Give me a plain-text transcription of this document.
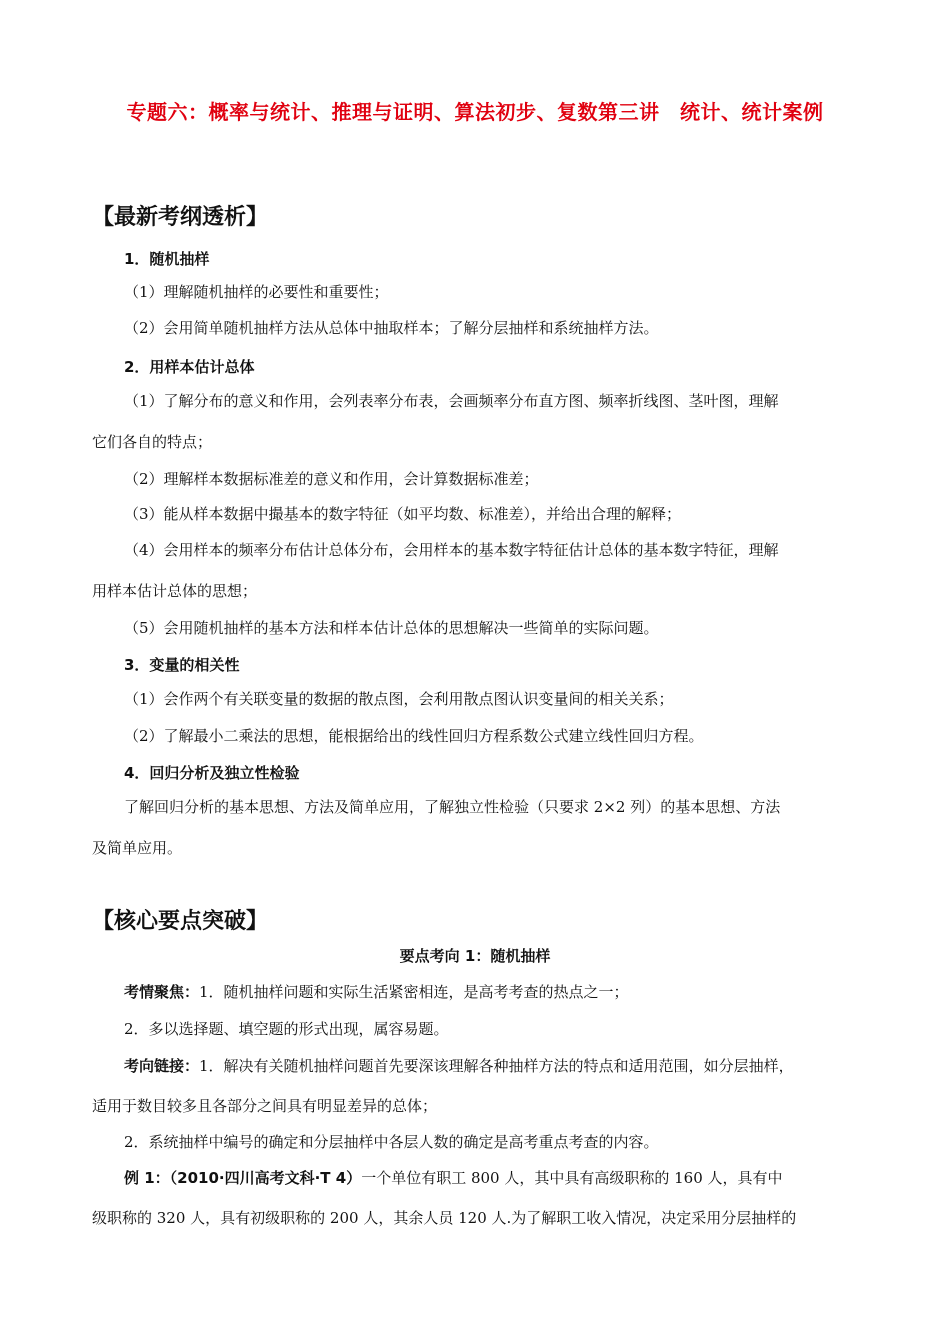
专题六：概率与统计、推理与证明、算法初步、复数第三讲　统计、统计案例
【最新考纲透析】
1．随机抽样
（1）理解随机抽样的必要性和重要性；
（2）会用简单随机抽样方法从总体中抽取样本；了解分层抽样和系统抽样方法。
2．用样本估计总体
（1）了解分布的意义和作用，会列表率分布表，会画频率分布直方图、频率折线图、茎叶图，理解
它们各自的特点；
（2）理解样本数据标准差的意义和作用，会计算数据标准差；
（3）能从样本数据中撮基本的数字特征（如平均数、标准差），并给出合理的解释；
（4）会用样本的频率分布估计总体分布，会用样本的基本数字特征估计总体的基本数字特征，理解
用样本估计总体的思想；
（5）会用随机抽样的基本方法和样本估计总体的思想解决一些简单的实际问题。
3．变量的相关性
（1）会作两个有关联变量的数据的散点图，会利用散点图认识变量间的相关关系；
（2）了解最小二乘法的思想，能根据给出的线性回归方程系数公式建立线性回归方程。
4．回归分析及独立性检验
了解回归分析的基本思想、方法及简单应用，了解独立性检验（只要求 2×2 列）的基本思想、方法
及简单应用。
【核心要点突破】
要点考向 1：随机抽样
考情聚焦：1．随机抽样问题和实际生活紧密相连，是高考考查的热点之一；
2．多以选择题、填空题的形式出现，属容易题。
考向链接：1．解决有关随机抽样问题首先要深该理解各种抽样方法的特点和适用范围，如分层抽样，
适用于数目较多且各部分之间具有明显差异的总体；
2．系统抽样中编号的确定和分层抽样中各层人数的确定是高考重点考查的内容。
例 1：（2010·四川高考文科·T 4）一个单位有职工 800 人，其中具有高级职称的 160 人，具有中
级职称的 320 人，具有初级职称的 200 人，其余人员 120 人.为了解职工收入情况，决定采用分层抽样的
